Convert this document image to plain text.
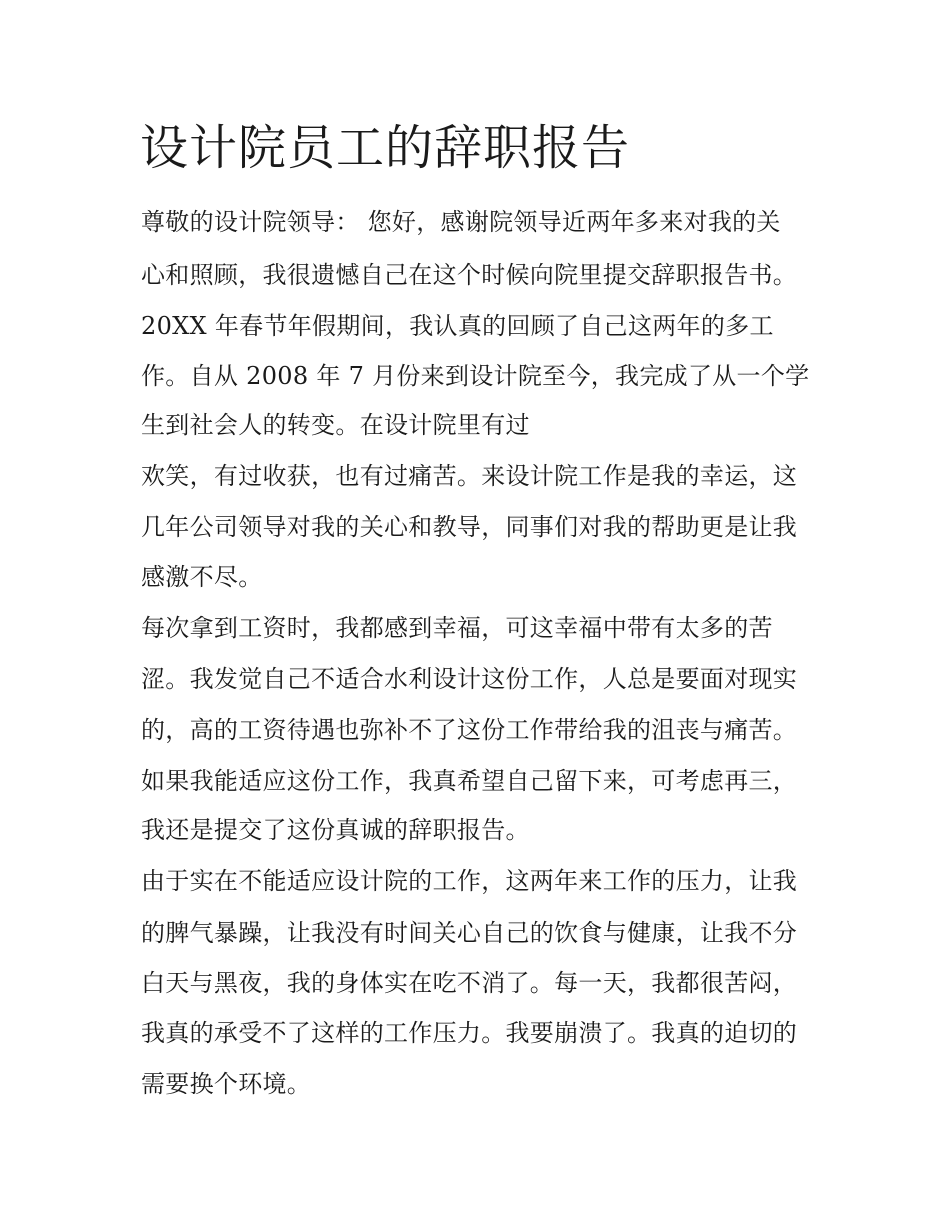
设计院员工的辞职报告
尊敬的设计院领导： 您好，感谢院领导近两年多来对我的关
心和照顾，我很遗憾自己在这个时候向院里提交辞职报告书。
20XX 年春节年假期间，我认真的回顾了自己这两年的多工
作。自从 2008 年 7 月份来到设计院至今，我完成了从一个学
生到社会人的转变。在设计院里有过
欢笑，有过收获，也有过痛苦。来设计院工作是我的幸运，这
几年公司领导对我的关心和教导，同事们对我的帮助更是让我
感激不尽。
每次拿到工资时，我都感到幸福，可这幸福中带有太多的苦
涩。我发觉自己不适合水利设计这份工作，人总是要面对现实
的，高的工资待遇也弥补不了这份工作带给我的沮丧与痛苦。
如果我能适应这份工作，我真希望自己留下来，可考虑再三，
我还是提交了这份真诚的辞职报告。
由于实在不能适应设计院的工作，这两年来工作的压力，让我
的脾气暴躁，让我没有时间关心自己的饮食与健康，让我不分
白天与黑夜，我的身体实在吃不消了。每一天，我都很苦闷，
我真的承受不了这样的工作压力。我要崩溃了。我真的迫切的
需要换个环境。
